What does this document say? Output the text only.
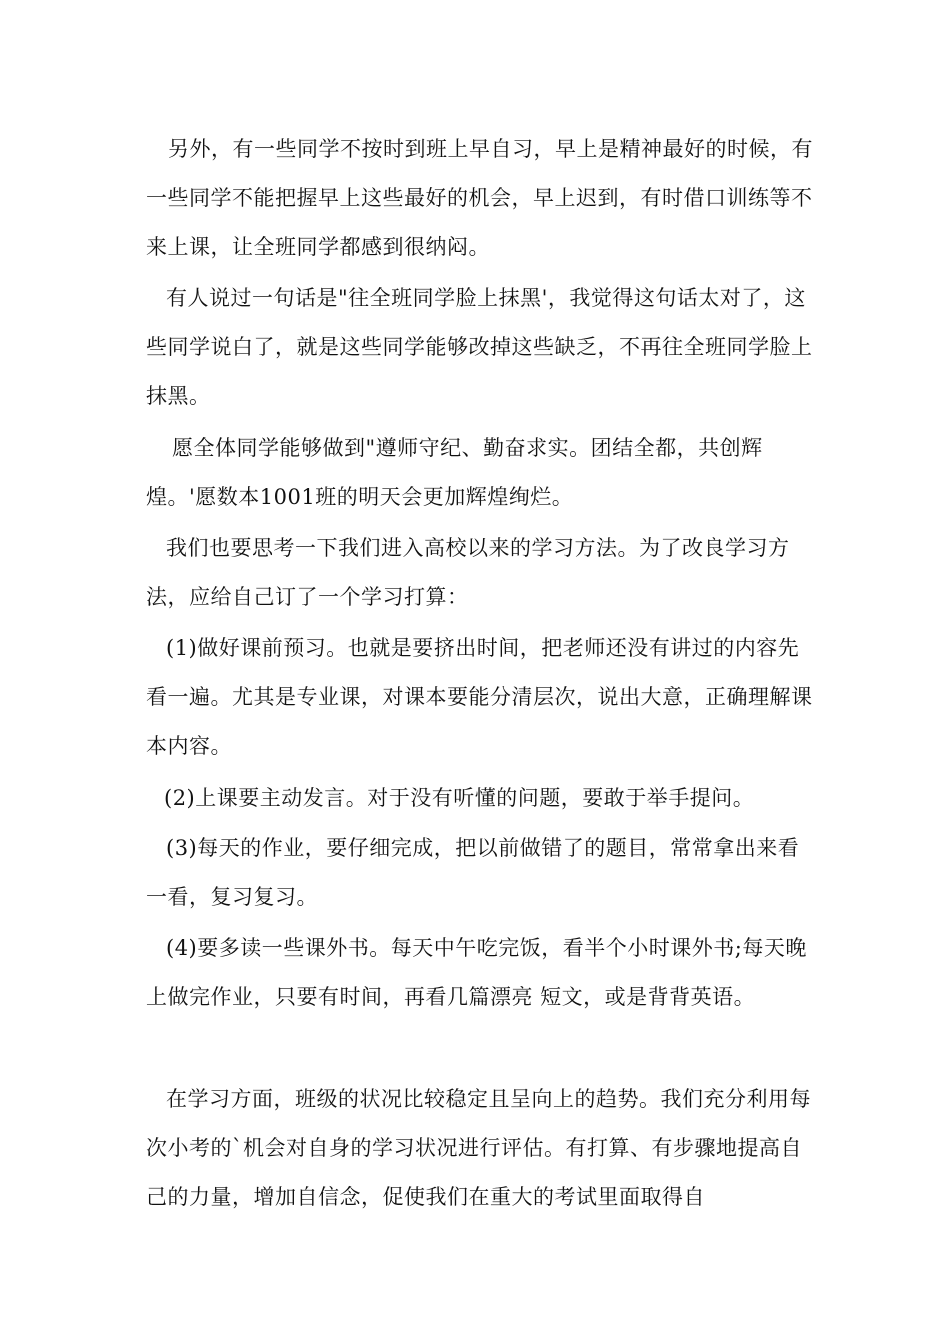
另外，有一些同学不按时到班上早自习，早上是精神最好的时候，有一些同学不能把握早上这些最好的机会，早上迟到，有时借口训练等不来上课，让全班同学都感到很纳闷。

有人说过一句话是"往全班同学脸上抹黑'，我觉得这句话太对了，这些同学说白了，就是这些同学能够改掉这些缺乏，不再往全班同学脸上抹黑。

愿全体同学能够做到"遵师守纪、勤奋求实。团结全都，共创辉煌。'愿数本1001班的明天会更加辉煌绚烂。

我们也要思考一下我们进入高校以来的学习方法。为了改良学习方法，应给自己订了一个学习打算：

(1)做好课前预习。也就是要挤出时间，把老师还没有讲过的内容先看一遍。尤其是专业课，对课本要能分清层次，说出大意，正确理解课本内容。

(2)上课要主动发言。对于没有听懂的问题，要敢于举手提问。

(3)每天的作业，要仔细完成，把以前做错了的题目，常常拿出来看一看，复习复习。

(4)要多读一些课外书。每天中午吃完饭，看半个小时课外书;每天晚上做完作业，只要有时间，再看几篇漂亮 短文，或是背背英语。

在学习方面，班级的状况比较稳定且呈向上的趋势。我们充分利用每次小考的`机会对自身的学习状况进行评估。有打算、有步骤地提高自己的力量，增加自信念，促使我们在重大的考试里面取得自
